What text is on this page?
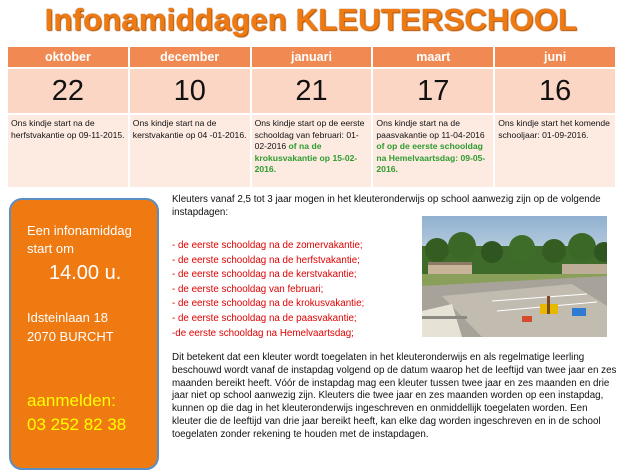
Infonamiddagen KLEUTERSCHOOL
oktober	december	januari	maart	juni
22	10	21	17	16
Ons kindje start na de herfstvakantie op 09-11-2015.	Ons kindje start na de kerstvakantie op 04 -01-2016.	Ons kindje start op de eerste schooldag van februari: 01-02-2016 of na de krokusvakantie op 15-02-2016.	Ons kindje start na de paasvakantie op 11-04-2016 of op de eerste schooldag na Hemelvaartsdag: 09-05-2016.	Ons kindje start het komende schooljaar: 01-09-2016.
Een infonamiddag
start om
14.00 u.
Idsteinlaan 18
2070 BURCHT
aanmelden:
03 252 82 38
Kleuters vanaf 2,5 tot 3 jaar mogen in het kleuteronderwijs op school aanwezig zijn op de volgende instapdagen:
- de eerste schooldag na de zomervakantie;
- de eerste schooldag na de herfstvakantie;
- de eerste schooldag na de kerstvakantie;
- de eerste schooldag van februari;
- de eerste schooldag na de krokusvakantie;
- de eerste schooldag na de paasvakantie;
-de eerste schooldag na Hemelvaartsdag;
Dit betekent dat een kleuter wordt toegelaten in het kleuteronderwijs en als regelmatige leerling beschouwd wordt vanaf de instapdag volgend op de datum waarop het de leeftijd van twee jaar en zes maanden bereikt heeft. Vóór de instapdag mag een kleuter tussen twee jaar en zes maanden en drie jaar niet op school aanwezig zijn. Kleuters die twee jaar en zes maanden worden op een instapdag, kunnen op die dag in het kleuteronderwijs ingeschreven en onmiddellijk toegelaten worden. Een kleuter die de leeftijd van drie jaar bereikt heeft, kan elke dag worden ingeschreven en in de school toegelaten zonder rekening te houden met de instapdagen.
